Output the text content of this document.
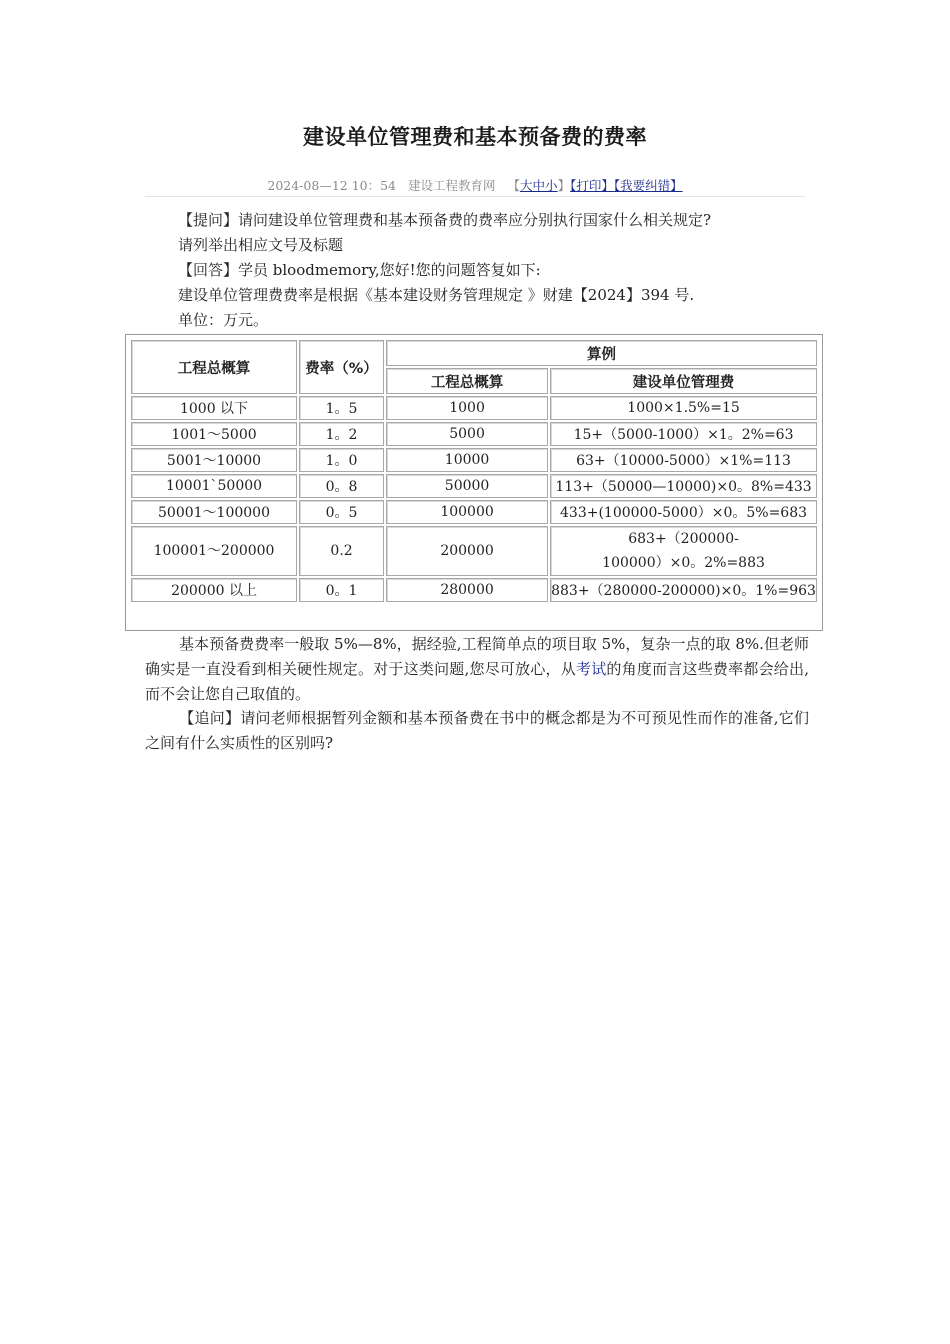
建设单位管理费和基本预备费的费率
2024-08—12 10：54 建设工程教育网 【大中小】【打印】【我要纠错】
【提问】请问建设单位管理费和基本预备费的费率应分别执行国家什么相关规定?
请列举出相应文号及标题
【回答】学员 bloodmemory,您好!您的问题答复如下:
建设单位管理费费率是根据《基本建设财务管理规定 》财建【2024】394 号.
单位：万元。
工程总概算	费率（%）	算例	
		工程总概算	建设单位管理费
1000 以下	1。5	1000	1000×1.5%=15
1001～5000	1。2	5000	15+（5000-1000）×1。2%=63
5001～10000	1。0	10000	63+（10000-5000）×1%=113
10001`50000	0。8	50000	113+（50000—10000)×0。8%=433
50001～100000	0。5	100000	433+(100000-5000）×0。5%=683
100001～200000	0.2	200000	683+（200000-
100000）×0。2%=883
200000 以上	0。1	280000	883+（280000-200000)×0。1%=963
基本预备费费率一般取 5%—8%，据经验,工程简单点的项目取 5%，复杂一点的取 8%.但老师确实是一直没看到相关硬性规定。对于这类问题,您尽可放心，从考试的角度而言这些费率都会给出,而不会让您自己取值的。
【追问】请问老师根据暂列金额和基本预备费在书中的概念都是为不可预见性而作的准备,它们之间有什么实质性的区别吗?
